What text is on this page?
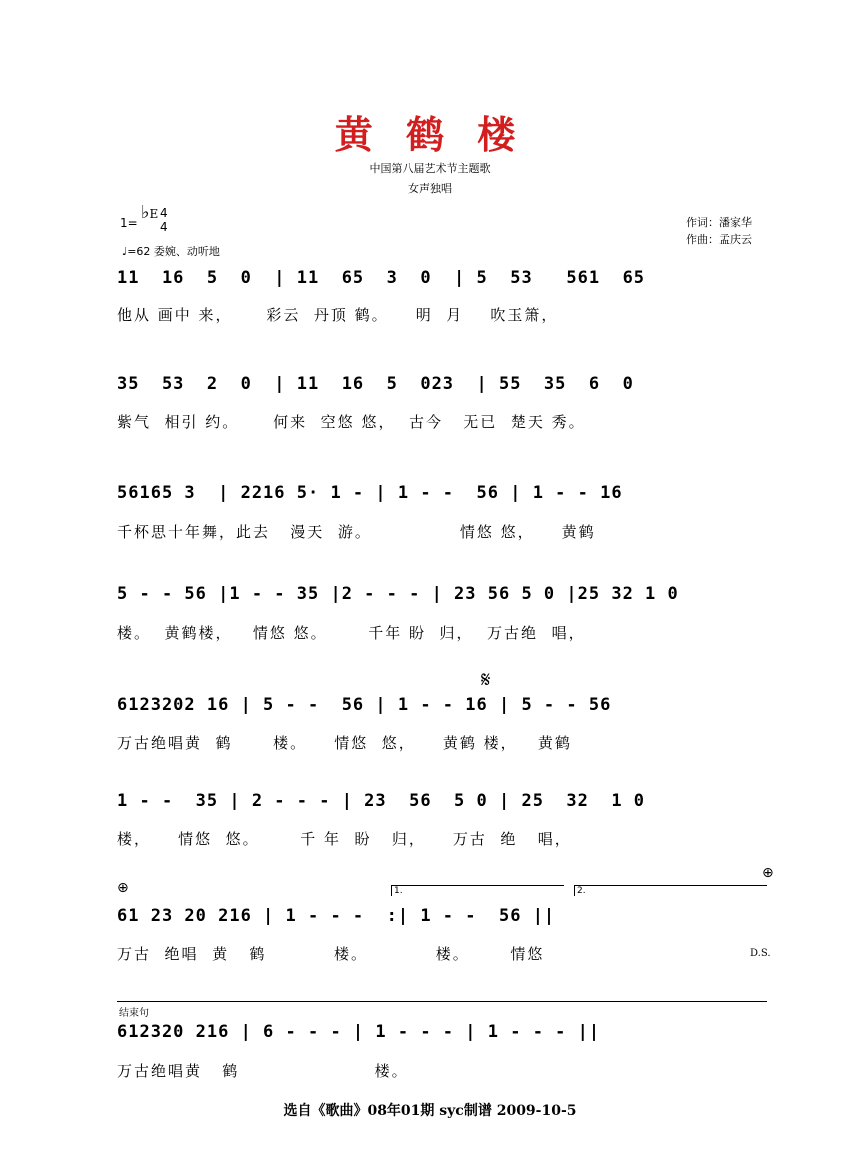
黄 鹤 楼
中国第八届艺术节主题歌
女声独唱
1= ♭E 4
4
♩=62 委婉、动听地
作词：潘家华
作曲：孟庆云
11  16  5  0  | 11  65  3  0  | 5  53   561  65
他从 画中 来，     彩云  丹顶 鹤。    明  月    吹玉箫，
35  53  2  0  | 11  16  5  023  | 55  35  6  0
紫气  相引 约。     何来  空悠 悠，  古今   无已  楚天 秀。
56165 3  | 2216 5· 1 - | 1 - -  56 | 1 - - 16
千杯思十年舞，此去   漫天  游。             情悠 悠，    黄鹤
5 - - 56 |1 - - 35 |2 - - - | 23 56 5 0 |25 32 1 0
楼。  黄鹤楼，   情悠 悠。      千年 盼  归，  万古绝  唱，
𝄋
6123202 16 | 5 - -  56 | 1 - - 16 | 5 - - 56
万古绝唱黄  鹤      楼。    情悠  悠，    黄鹤 楼，   黄鹤
1 - -  35 | 2 - - - | 23  56  5 0 | 25  32  1 0
楼，    情悠  悠。      千 年  盼   归，    万古  绝   唱，
⊕
⊕
1.	2.
61 23 20 216 | 1 - - -  :| 1 - -  56 ||
万古  绝唱  黄   鹤          楼。          楼。      情悠	D.S.
结束句
612320 216 | 6 - - - | 1 - - - | 1 - - - ||
万古绝唱黄   鹤                    楼。
选自《歌曲》08年01期 syc制谱 2009-10-5
